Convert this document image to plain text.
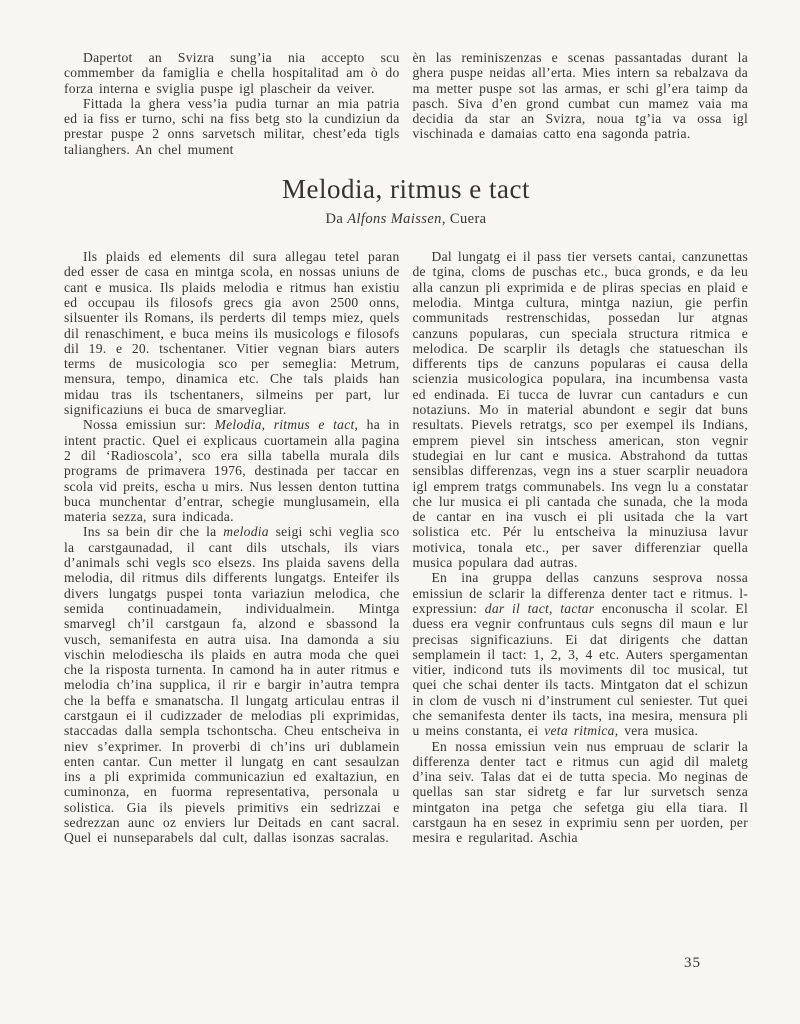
Dapertot an Svizra sung’ia nia accepto scu commember da famiglia e chella hospitalitad am ò do forza interna e sviglia puspe igl plascheir da veiver.

Fittada la ghera vess’ia pudia turnar an mia patria ed ia fiss er turno, schi na fiss betg sto la cundiziun da prestar puspe 2 onns sarvetsch militar, chest’eda tigls talianghers. An chel mument

èn las reminiszenzas e scenas passantadas durant la ghera puspe neidas all’erta. Mies intern sa rebalzava da ma metter puspe sot las armas, er schi gl’era taimp da pasch. Siva d’en grond cumbat cun mamez vaia ma decidia da star an Svizra, noua tg’ia va ossa igl vischinada e damaias catto ena sagonda patria.

Melodia, ritmus e tact

Da Alfons Maissen, Cuera

Ils plaids ed elements dil sura allegau tetel paran ded esser de casa en mintga scola, en nossas uniuns de cant e musica. Ils plaids melodia e ritmus han existiu ed occupau ils filosofs grecs gia avon 2500 onns, silsuenter ils Romans, ils perderts dil temps miez, quels dil renaschiment, e buca meins ils musicologs e filosofs dil 19. e 20. tschentaner. Vitier vegnan biars auters terms de musicologia sco per semeglia: Metrum, mensura, tempo, dinamica etc. Che tals plaids han midau tras ils tschentaners, silmeins per part, lur significaziuns ei buca de smarvegliar.

Nossa emissiun sur: Melodia, ritmus e tact, ha in intent practic. Quel ei explicaus cuortamein alla pagina 2 dil ‘Radioscola’, sco era silla tabella murala dils programs de primavera 1976, destinada per taccar en scola vid preits, escha u mirs. Nus lessen denton tuttina buca munchentar d’entrar, schegie munglusamein, ella materia sezza, sura indicada.

Ins sa bein dir che la melodia seigi schi veglia sco la carstgaunadad, il cant dils utschals, ils viars d’animals schi vegls sco elsezs. Ins plaida savens della melodia, dil ritmus dils differents lungatgs. Enteifer ils divers lungatgs puspei tonta variaziun melodica, che semida continuadamein, individualmein. Mintga smarvegl ch’il carstgaun fa, alzond e sbassond la vusch, semanifesta en autra uisa. Ina damonda a siu vischin melodiescha ils plaids en autra moda che quei che la risposta turnenta. In camond ha in auter ritmus e melodia ch’ina supplica, il rir e bargir in’autra tempra che la beffa e smanatscha. Il lungatg articulau entras il carstgaun ei il cudizzader de melodias pli exprimidas, staccadas dalla sempla tschontscha. Cheu entscheiva in niev s’exprimer. In proverbi di ch’ins uri dublamein enten cantar. Cun metter il lungatg en cant sesaulzan ins a pli exprimida communicaziun ed exaltaziun, en cuminonza, en fuorma representativa, personala u solistica. Gia ils pievels primitivs ein sedrizzai e sedrezzan aunc oz enviers lur Deitads en cant sacral. Quel ei nunseparabels dal cult, dallas isonzas sacralas.

Dal lungatg ei il pass tier versets cantai, canzunettas de tgina, cloms de puschas etc., buca gronds, e da leu alla canzun pli exprimida e de pliras specias en plaid e melodia. Mintga cultura, mintga naziun, gie perfin communitads restrenschidas, possedan lur atgnas canzuns popularas, cun speciala structura ritmica e melodica. De scarplir ils detagls che statueschan ils differents tips de canzuns popularas ei causa della scienzia musicologica populara, ina incumbensa vasta ed endinada. Ei tucca de luvrar cun cantadurs e cun notaziuns. Mo in material abundont e segir dat buns resultats. Pievels retratgs, sco per exempel ils Indians, emprem pievel sin intschess american, ston vegnir studegiai en lur cant e musica. Abstrahond da tuttas sensiblas differenzas, vegn ins a stuer scarplir neuadora igl emprem tratgs communabels. Ins vegn lu a constatar che lur musica ei pli cantada che sunada, che la moda de cantar en ina vusch ei pli usitada che la vart solistica etc. Pér lu entscheiva la minuziusa lavur motivica, tonala etc., per saver differenziar quella musica populara dad autras.

En ina gruppa dellas canzuns sesprova nossa emissiun de sclarir la differenza denter tact e ritmus. l-expressiun: dar il tact, tactar enconuscha il scolar. El duess era vegnir confruntaus culs segns dil maun e lur precisas significaziuns. Ei dat dirigents che dattan semplamein il tact: 1, 2, 3, 4 etc. Auters spergamentan vitier, indicond tuts ils moviments dil toc musical, tut quei che schai denter ils tacts. Mintgaton dat el schizun in clom de vusch ni d’instrument cul seniester. Tut quei che semanifesta denter ils tacts, ina mesira, mensura pli u meins constanta, ei veta ritmica, vera musica.

En nossa emissiun vein nus empruau de sclarir la differenza denter tact e ritmus cun agid dil maletg d’ina seiv. Talas dat ei de tutta specia. Mo neginas de quellas san star sidretg e far lur survetsch senza mintgaton ina petga che sefetga giu ella tiara. Il carstgaun ha en sesez in exprimiu senn per uorden, per mesira e regularitad. Aschia

35
